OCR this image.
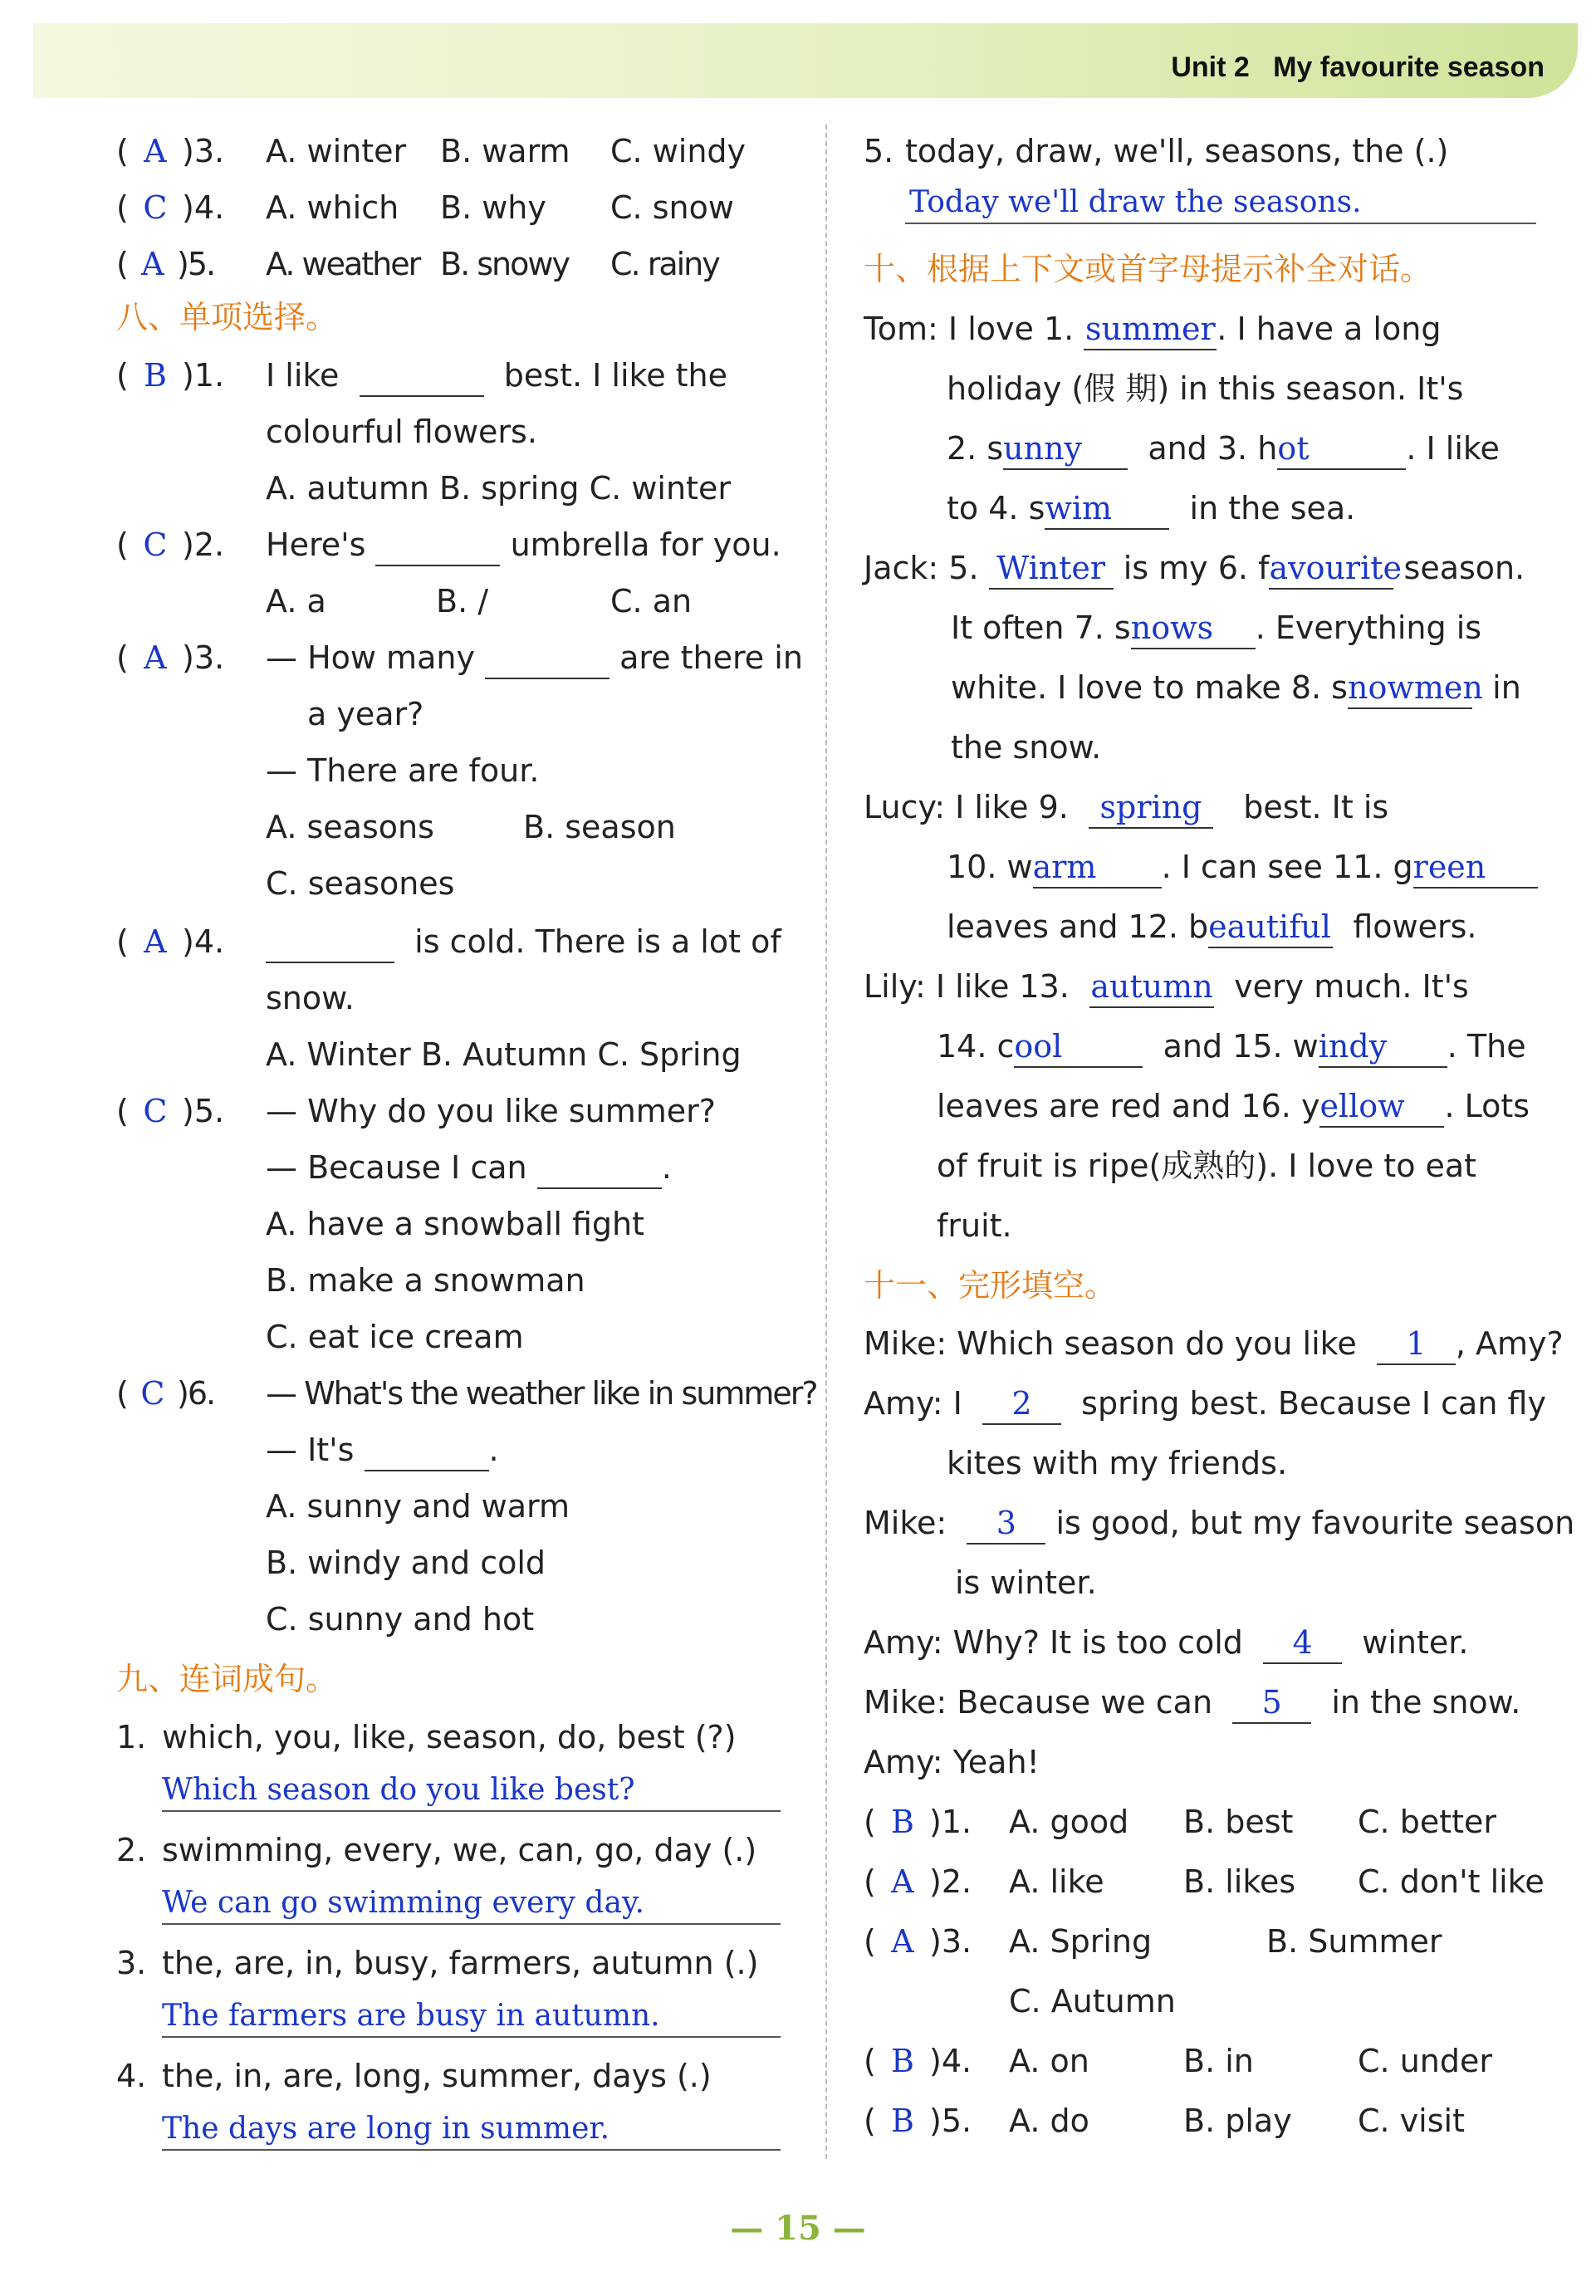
Unit 2   My favourite season
( A )3. A. winter B. warm C. windy
( C )4. A. which B. why C. snow
( A )5. A. weather B. snowy C. rainy
八、单项选择。
( B )1. I like	best. I like the
colourful flowers.
A. autumn B. spring C. winter
( C )2. Here's	umbrella for you.
A. a	B. /	C. an
( A )3. — How many	are there in
a year?
— There are four.
A. seasons	B. season
C. seasones
( A )4.	is cold. There is a lot of
snow.
A. Winter B. Autumn C. Spring
( C )5. — Why do you like summer?
— Because I can	.
A. have a snowball fight
B. make a snowman
C. eat ice cream
( C )6. — What's the weather like in summer?
— It's	.
A. sunny and warm
B. windy and cold
C. sunny and hot
九、连词成句。
1. which, you, like, season, do, best (?)
Which season do you like best?
2. swimming, every, we, can, go, day (.)
We can go swimming every day.
3. the, are, in, busy, farmers, autumn (.)
The farmers are busy in autumn.
4. the, in, are, long, summer, days (.)
The days are long in summer.
5. today, draw, we'll, seasons, the (.)
Today we'll draw the seasons.
十、根据上下文或首字母提示补全对话。
Tom: I love 1. summer. I have a long
holiday (假 期) in this season. It's
2. sunny and 3. hot	. I like
to 4. swim in the sea.
Jack: 5. Winter is my 6. favourite season.
It often 7. snows . Everything is
white. I love to make 8. snowmen in
the snow.
Lucy: I like 9. spring best. It is
10. warm . I can see 11. green
leaves and 12. beautiful flowers.
Lily: I like 13. autumn very much. It's
14. cool	and 15. windy . The
leaves are red and 16. yellow . Lots
of fruit is ripe(成熟的). I love to eat
fruit.
十一、完形填空。
Mike: Which season do you like 1 , Amy?
Amy: I 2 spring best. Because I can fly
kites with my friends.
Mike: 3 is good, but my favourite season
is winter.
Amy: Why? It is too cold 4 winter.
Mike: Because we can 5 in the snow.
Amy: Yeah!
( B )1. A. good B. best C. better
( A )2. A. like	B. likes C. don't like
( A )3. A. Spring	B. Summer
C. Autumn
( B )4. A. on	B. in	C. under
( B )5. A. do	B. play C. visit
— 15 —
